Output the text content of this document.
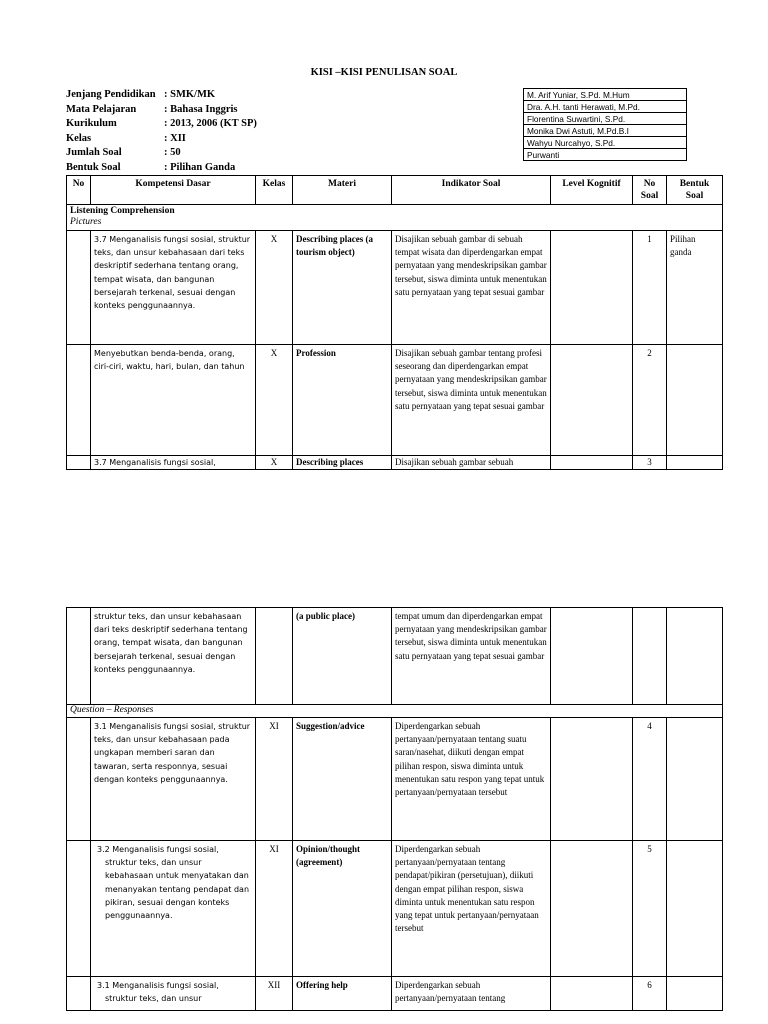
KISI –KISI PENULISAN SOAL
Jenjang Pendidikan : SMK/MK
Mata Pelajaran	: Bahasa Inggris
Kurikulum	: 2013, 2006 (KT SP)
Kelas	: XII
Jumlah Soal	: 50
Bentuk Soal	: Pilihan Ganda
M. Arif Yuniar, S.Pd. M.Hum
Dra. A.H. tanti Herawati, M.Pd.
Florentina Suwartini, S.Pd.
Monika Dwi Astuti, M.Pd.B.I
Wahyu Nurcahyo, S.Pd.
Purwanti
No	Kompetensi Dasar	Kelas	Materi	Indikator Soal	Level Kognitif	No Soal	Bentuk Soal

Listening Comprehension
Pictures							

	3.7 Menganalisis fungsi sosial, struktur teks, dan unsur kebahasaan dari teks deskriptif sederhana tentang orang, tempat wisata, dan bangunan bersejarah terkenal, sesuai dengan konteks penggunaannya.	X	Describing places (a tourism object)	Disajikan sebuah gambar di sebuah tempat wisata dan diperdengarkan empat pernyataan yang mendeskripsikan gambar tersebut, siswa diminta untuk menentukan satu pernyataan yang tepat sesuai gambar		1	Pilihan ganda
	Menyebutkan benda-benda, orang, ciri-ciri, waktu, hari, bulan, dan tahun	X	Profession	Disajikan sebuah gambar tentang profesi seseorang dan diperdengarkan empat pernyataan yang mendeskripsikan gambar tersebut, siswa diminta untuk menentukan satu pernyataan yang tepat sesuai gambar		2	
	3.7 Menganalisis fungsi sosial,	X	Describing places	Disajikan sebuah gambar sebuah		3	
	struktur teks, dan unsur kebahasaan dari teks deskriptif sederhana tentang orang, tempat wisata, dan bangunan bersejarah terkenal, sesuai dengan konteks penggunaannya.		(a public place)	tempat umum dan diperdengarkan empat pernyataan yang mendeskripsikan gambar tersebut, siswa diminta untuk menentukan satu pernyataan yang tepat sesuai gambar			

Question – Responses							

	3.1 Menganalisis fungsi sosial, struktur teks, dan unsur kebahasaan pada ungkapan memberi saran dan tawaran, serta responnya, sesuai dengan konteks penggunaannya.	XI	Suggestion/advice	Diperdengarkan sebuah pertanyaan/pernyataan tentang suatu saran/nasehat, diikuti dengan empat pilihan respon, siswa diminta untuk menentukan satu respon yang tepat untuk pertanyaan/pernyataan tersebut		4	
	3.2 Menganalisis fungsi sosial, struktur teks, dan unsur kebahasaan untuk menyatakan dan menanyakan tentang pendapat dan pikiran, sesuai dengan konteks penggunaannya.	XI	Opinion/thought (agreement)	Diperdengarkan sebuah pertanyaan/pernyataan tentang pendapat/pikiran (persetujuan), diikuti dengan empat pilihan respon, siswa diminta untuk menentukan satu respon yang tepat untuk pertanyaan/pernyataan tersebut		5	
	3.1 Menganalisis fungsi sosial, struktur teks, dan unsur	XII	Offering help	Diperdengarkan sebuah pertanyaan/pernyataan tentang		6	
